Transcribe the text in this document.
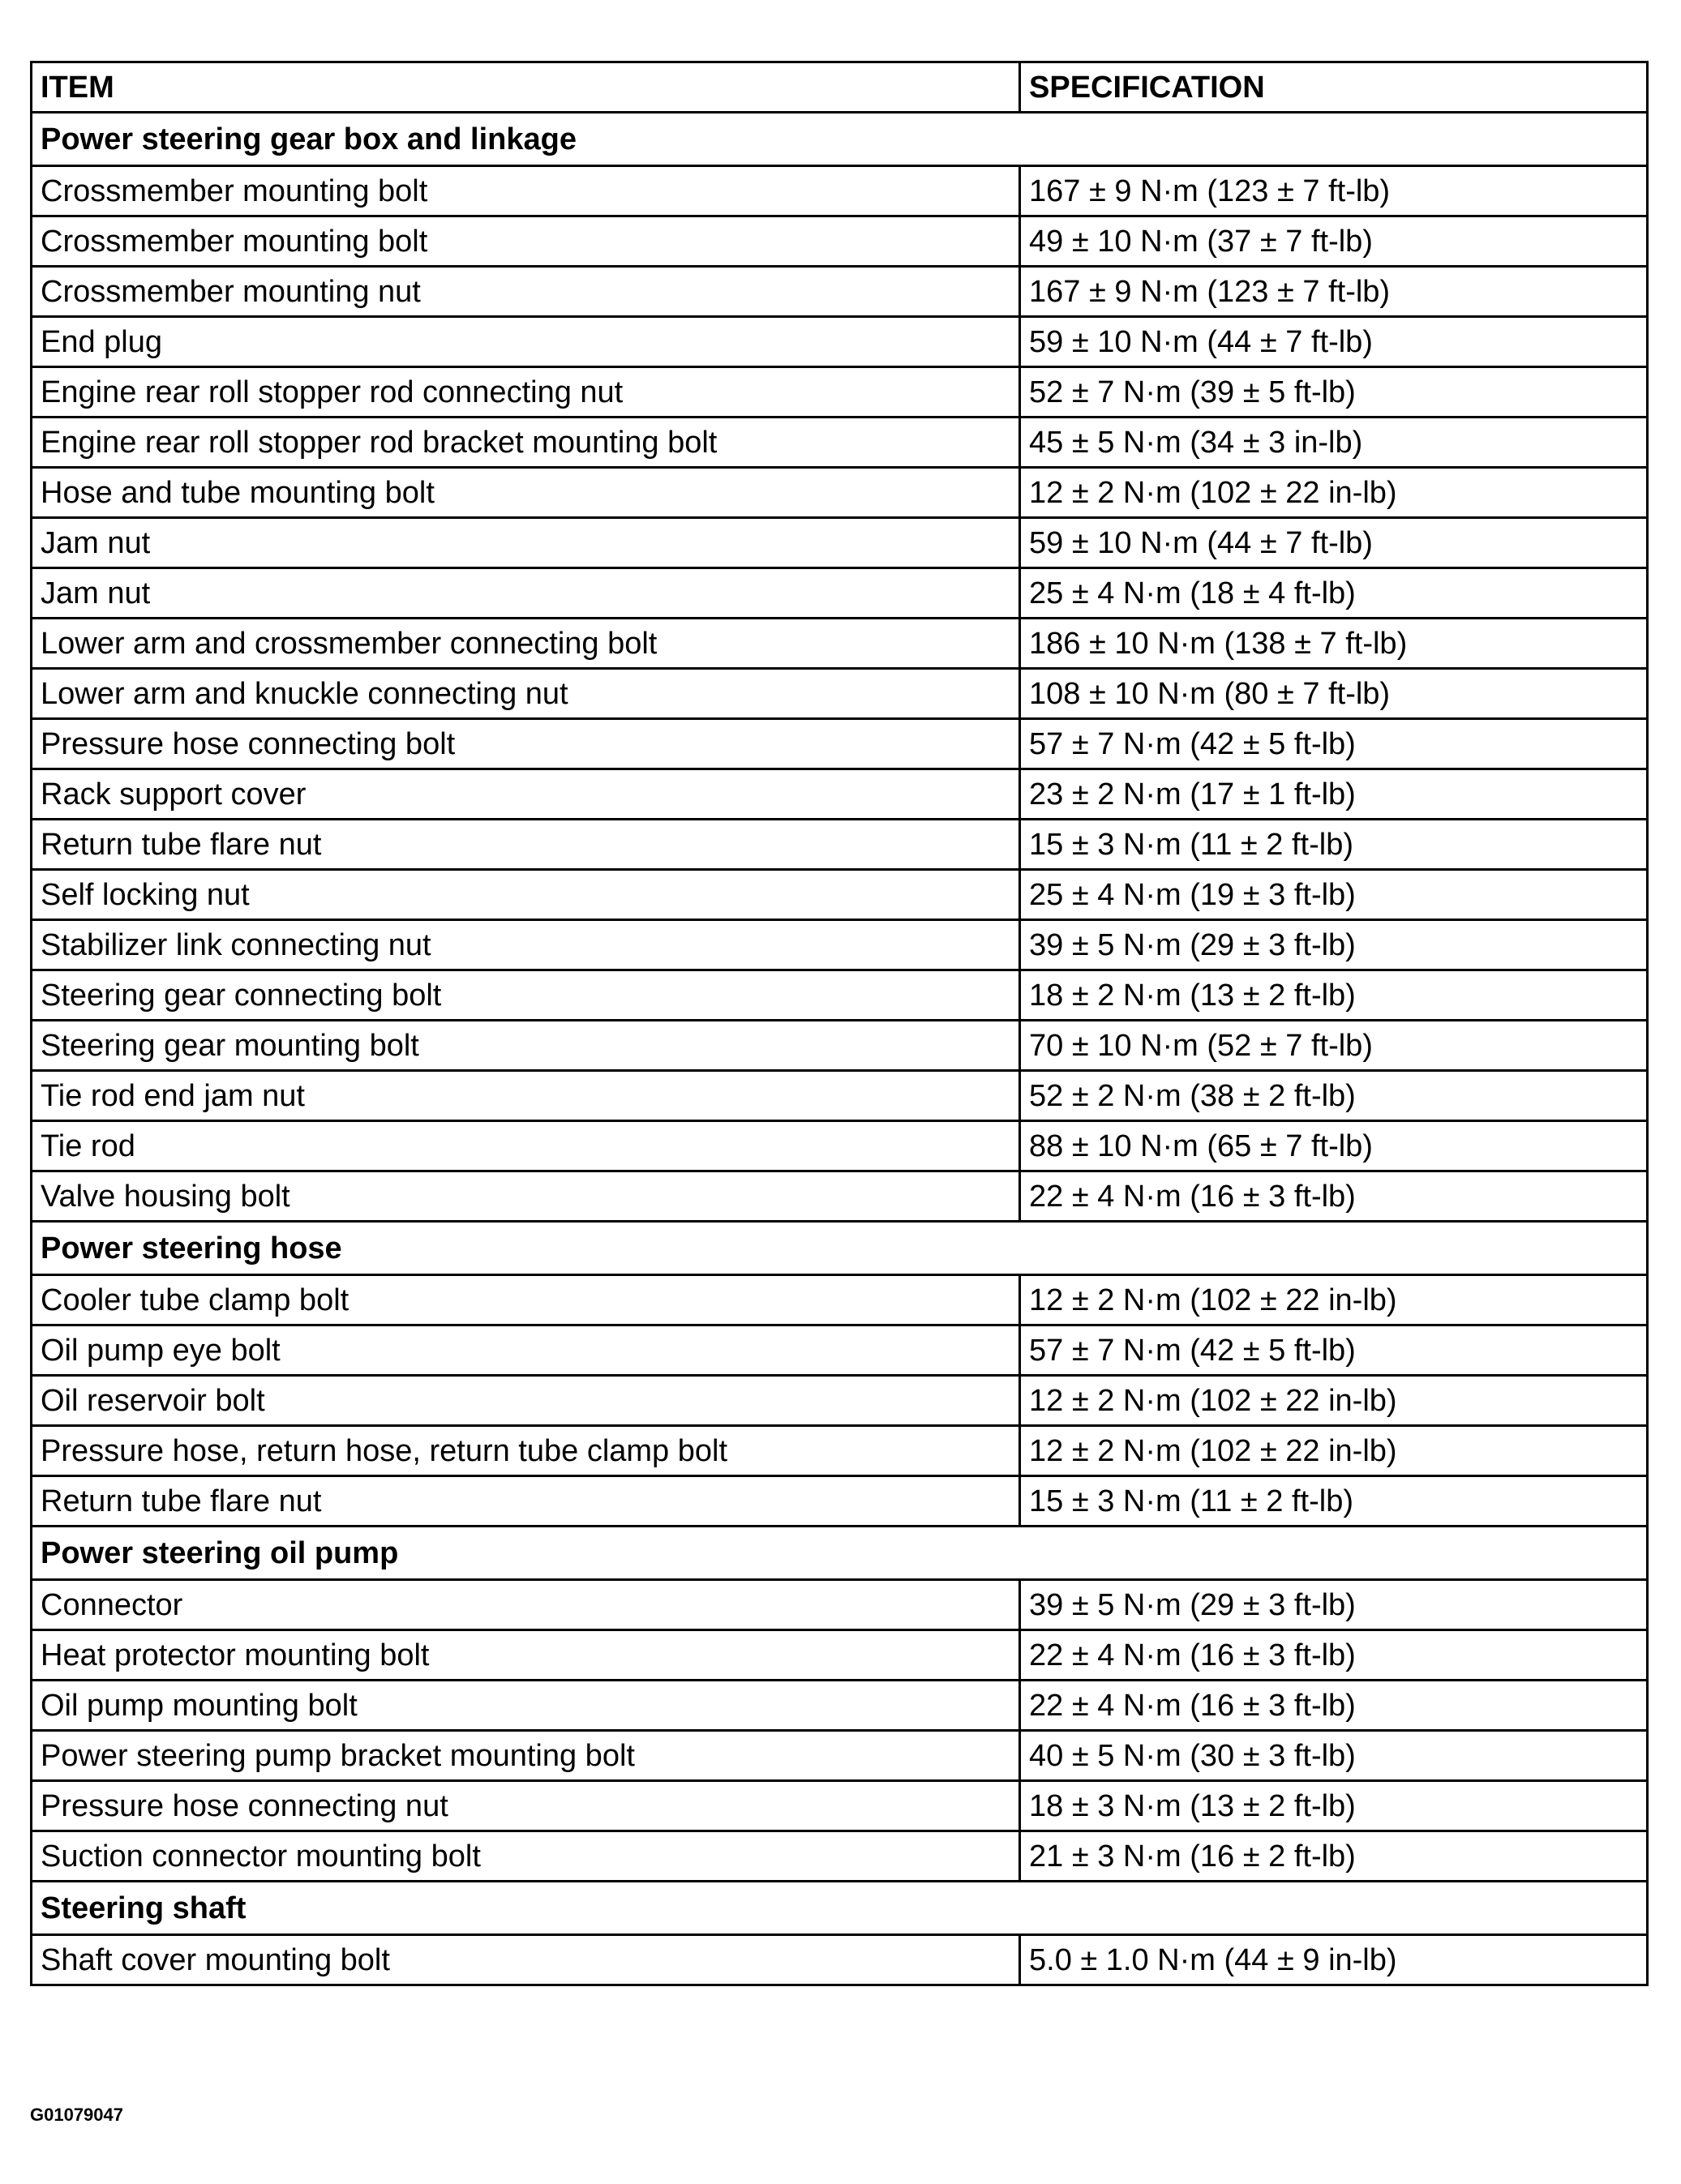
ITEM	SPECIFICATION
Power steering gear box and linkage	
Crossmember mounting bolt	167 ± 9 N·m (123 ± 7 ft-lb)
Crossmember mounting bolt	49 ± 10 N·m (37 ± 7 ft-lb)
Crossmember mounting nut	167 ± 9 N·m (123 ± 7 ft-lb)
End plug	59 ± 10 N·m (44 ± 7 ft-lb)
Engine rear roll stopper rod connecting nut	52 ± 7 N·m (39 ± 5 ft-lb)
Engine rear roll stopper rod bracket mounting bolt	45 ± 5 N·m (34 ± 3 in-lb)
Hose and tube mounting bolt	12 ± 2 N·m (102 ± 22 in-lb)
Jam nut	59 ± 10 N·m (44 ± 7 ft-lb)
Jam nut	25 ± 4 N·m (18 ± 4 ft-lb)
Lower arm and crossmember connecting bolt	186 ± 10 N·m (138 ± 7 ft-lb)
Lower arm and knuckle connecting nut	108 ± 10 N·m (80 ± 7 ft-lb)
Pressure hose connecting bolt	57 ± 7 N·m (42 ± 5 ft-lb)
Rack support cover	23 ± 2 N·m (17 ± 1 ft-lb)
Return tube flare nut	15 ± 3 N·m (11 ± 2 ft-lb)
Self locking nut	25 ± 4 N·m (19 ± 3 ft-lb)
Stabilizer link connecting nut	39 ± 5 N·m (29 ± 3 ft-lb)
Steering gear connecting bolt	18 ± 2 N·m (13 ± 2 ft-lb)
Steering gear mounting bolt	70 ± 10 N·m (52 ± 7 ft-lb)
Tie rod end jam nut	52 ± 2 N·m (38 ± 2 ft-lb)
Tie rod	88 ± 10 N·m (65 ± 7 ft-lb)
Valve housing bolt	22 ± 4 N·m (16 ± 3 ft-lb)
Power steering hose	
Cooler tube clamp bolt	12 ± 2 N·m (102 ± 22 in-lb)
Oil pump eye bolt	57 ± 7 N·m (42 ± 5 ft-lb)
Oil reservoir bolt	12 ± 2 N·m (102 ± 22 in-lb)
Pressure hose, return hose, return tube clamp bolt	12 ± 2 N·m (102 ± 22 in-lb)
Return tube flare nut	15 ± 3 N·m (11 ± 2 ft-lb)
Power steering oil pump	
Connector	39 ± 5 N·m (29 ± 3 ft-lb)
Heat protector mounting bolt	22 ± 4 N·m (16 ± 3 ft-lb)
Oil pump mounting bolt	22 ± 4 N·m (16 ± 3 ft-lb)
Power steering pump bracket mounting bolt	40 ± 5 N·m (30 ± 3 ft-lb)
Pressure hose connecting nut	18 ± 3 N·m (13 ± 2 ft-lb)
Suction connector mounting bolt	21 ± 3 N·m (16 ± 2 ft-lb)
Steering shaft	
Shaft cover mounting bolt	5.0 ± 1.0 N·m (44 ± 9 in-lb)
G01079047
